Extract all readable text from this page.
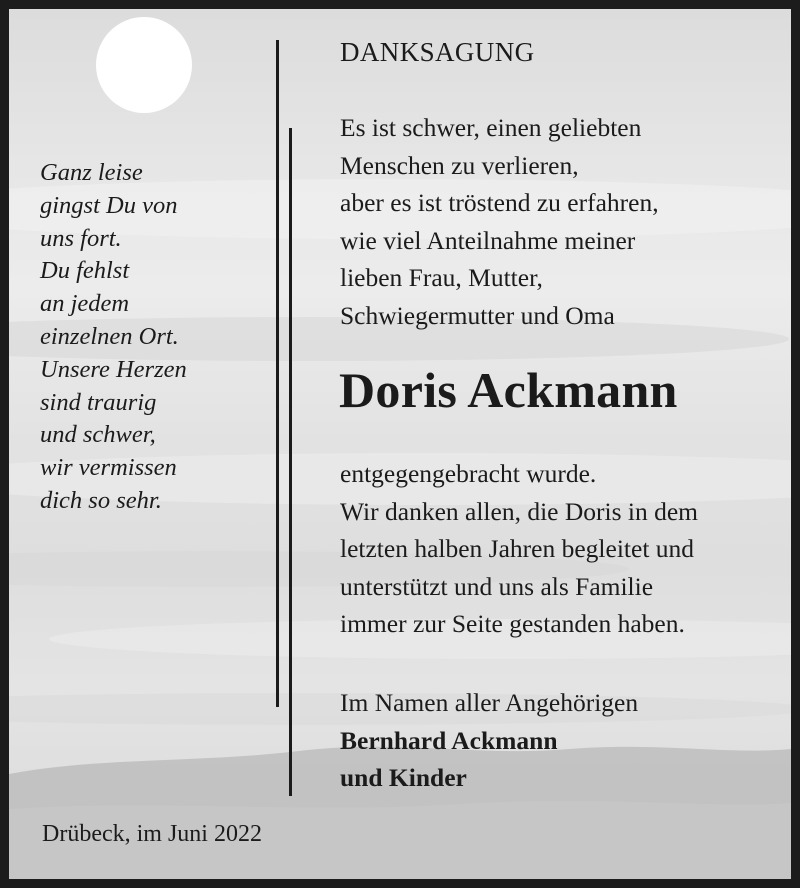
Ganz leise
gingst Du von
uns fort.
Du fehlst
an jedem
einzelnen Ort.
Unsere Herzen
sind traurig
und schwer,
wir vermissen
dich so sehr.
DANKSAGUNG
Es ist schwer, einen geliebten
Menschen zu verlieren,
aber es ist tröstend zu erfahren,
wie viel Anteilnahme meiner
lieben Frau, Mutter,
Schwiegermutter und Oma
Doris Ackmann
entgegengebracht wurde.
Wir danken allen, die Doris in dem
letzten halben Jahren begleitet und
unterstützt und uns als Familie
immer zur Seite gestanden haben.
Im Namen aller Angehörigen
Bernhard Ackmann
und Kinder
Drübeck, im Juni 2022
